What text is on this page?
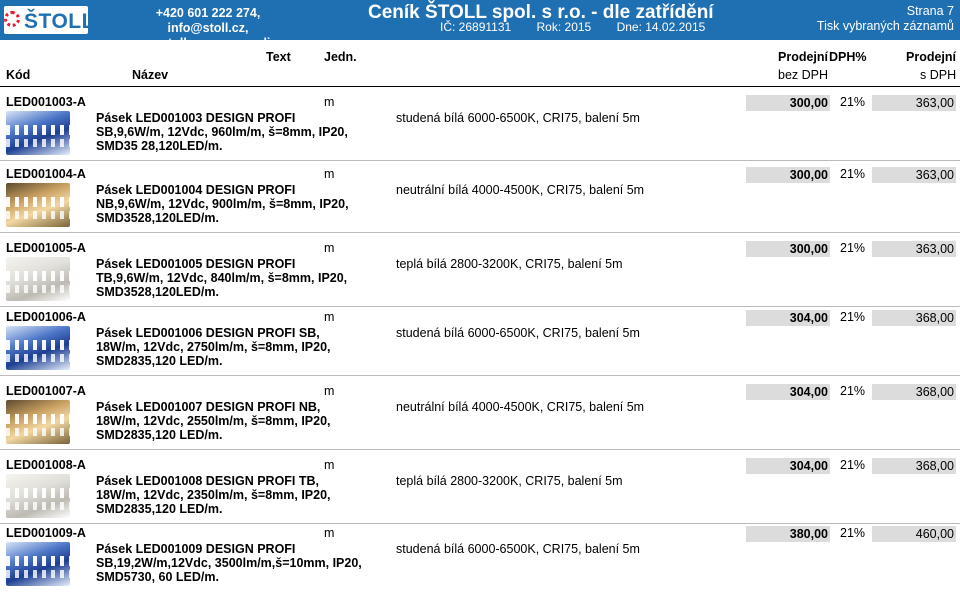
ŠTOLL	+420 601 222 274, info@stoll.cz,
www.stoll.cz, www.eveli.cz
Ceník ŠTOLL spol. s r.o. - dle zatřídění
IČ: 26891131 Rok: 2015 Dne: 14.02.2015
Strana 7
Tisk vybraných záznamů
Kód	Název
Text	Jedn.	Prodejní
bez DPH
DPH%	Prodejní
s DPH
LED001003-A	m	300,00 21%	363,00
Pásek LED001003 DESIGN PROFI SB,9,6W/m, 12Vdc, 960lm/m, š=8mm, IP20, SMD35 28,120LED/m.
studená bílá 6000-6500K, CRI75, balení 5m
LED001004-A	m	300,00 21%	363,00
Pásek LED001004 DESIGN PROFI NB,9,6W/m, 12Vdc, 900lm/m, š=8mm, IP20, SMD3528,120LED/m.
neutrální bílá 4000-4500K, CRI75, balení 5m
LED001005-A	m	300,00 21%	363,00
Pásek LED001005 DESIGN PROFI TB,9,6W/m, 12Vdc, 840lm/m, š=8mm, IP20, SMD3528,120LED/m.
teplá bílá 2800-3200K, CRI75, balení 5m
LED001006-A	m	304,00 21%	368,00
Pásek LED001006 DESIGN PROFI SB, 18W/m, 12Vdc, 2750lm/m, š=8mm, IP20, SMD2835,120 LED/m.
studená bílá 6000-6500K, CRI75, balení 5m
LED001007-A	m	304,00 21%	368,00
Pásek LED001007 DESIGN PROFI NB, 18W/m, 12Vdc, 2550lm/m, š=8mm, IP20, SMD2835,120 LED/m.
neutrální bílá 4000-4500K, CRI75, balení 5m
LED001008-A	m	304,00 21%	368,00
Pásek LED001008 DESIGN PROFI TB, 18W/m, 12Vdc, 2350lm/m, š=8mm, IP20, SMD2835,120 LED/m.
teplá bílá 2800-3200K, CRI75, balení 5m
LED001009-A	m	380,00 21%	460,00
Pásek LED001009 DESIGN PROFI SB,19,2W/m,12Vdc, 3500lm/m,š=10mm, IP20, SMD5730, 60 LED/m.
studená bílá 6000-6500K, CRI75, balení 5m
